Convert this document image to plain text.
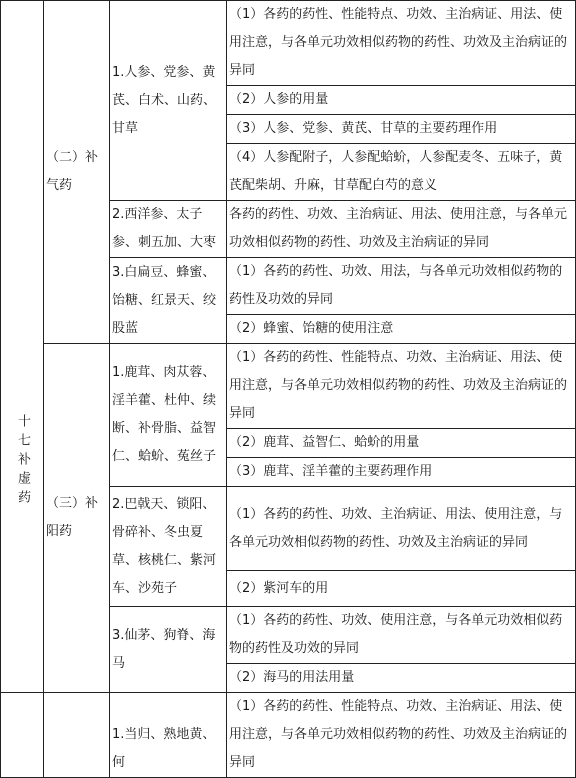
十七补虚药	（二）补气药	1.人参、党参、黄芪、白术、山药、甘草	（1）各药的药性、性能特点、功效、主治病证、用法、使用注意，与各单元功效相似药物的药性、功效及主治病证的异同
			（2）人参的用量
			（3）人参、党参、黄芪、甘草的主要药理作用
			（4）人参配附子，人参配蛤蚧，人参配麦冬、五味子，黄芪配柴胡、升麻，甘草配白芍的意义
		2.西洋参、太子参、刺五加、大枣	各药的药性、功效、主治病证、用法、使用注意，与各单元功效相似药物的药性、功效及主治病证的异同
		3.白扁豆、蜂蜜、饴糖、红景天、绞股蓝	（1）各药的药性、功效、用法，与各单元功效相似药物的药性及功效的异同
			（2）蜂蜜、饴糖的使用注意

	（三）补阳药	1.鹿茸、肉苁蓉、淫羊藿、杜仲、续断、补骨脂、益智仁、蛤蚧、菟丝子	（1）各药的药性、性能特点、功效、主治病证、用法、使用注意，与各单元功效相似药物的药性、功效及主治病证的异同
			（2）鹿茸、益智仁、蛤蚧的用量
			（3）鹿茸、淫羊藿的主要药理作用
		2.巴戟天、锁阳、骨碎补、冬虫夏草、核桃仁、紫河车、沙苑子	（1）各药的药性、功效、主治病证、用法、使用注意，与各单元功效相似药物的药性、功效及主治病证的异同
			（2）紫河车的用
		3.仙茅、狗脊、海马	（1）各药的药性、功效、使用注意，与各单元功效相似药物的药性及功效的异同
			（2）海马的用法用量

		1.当归、熟地黄、何	（1）各药的药性、性能特点、功效、主治病证、用法、使用注意，与各单元功效相似药物的药性、功效及主治病证的异同
